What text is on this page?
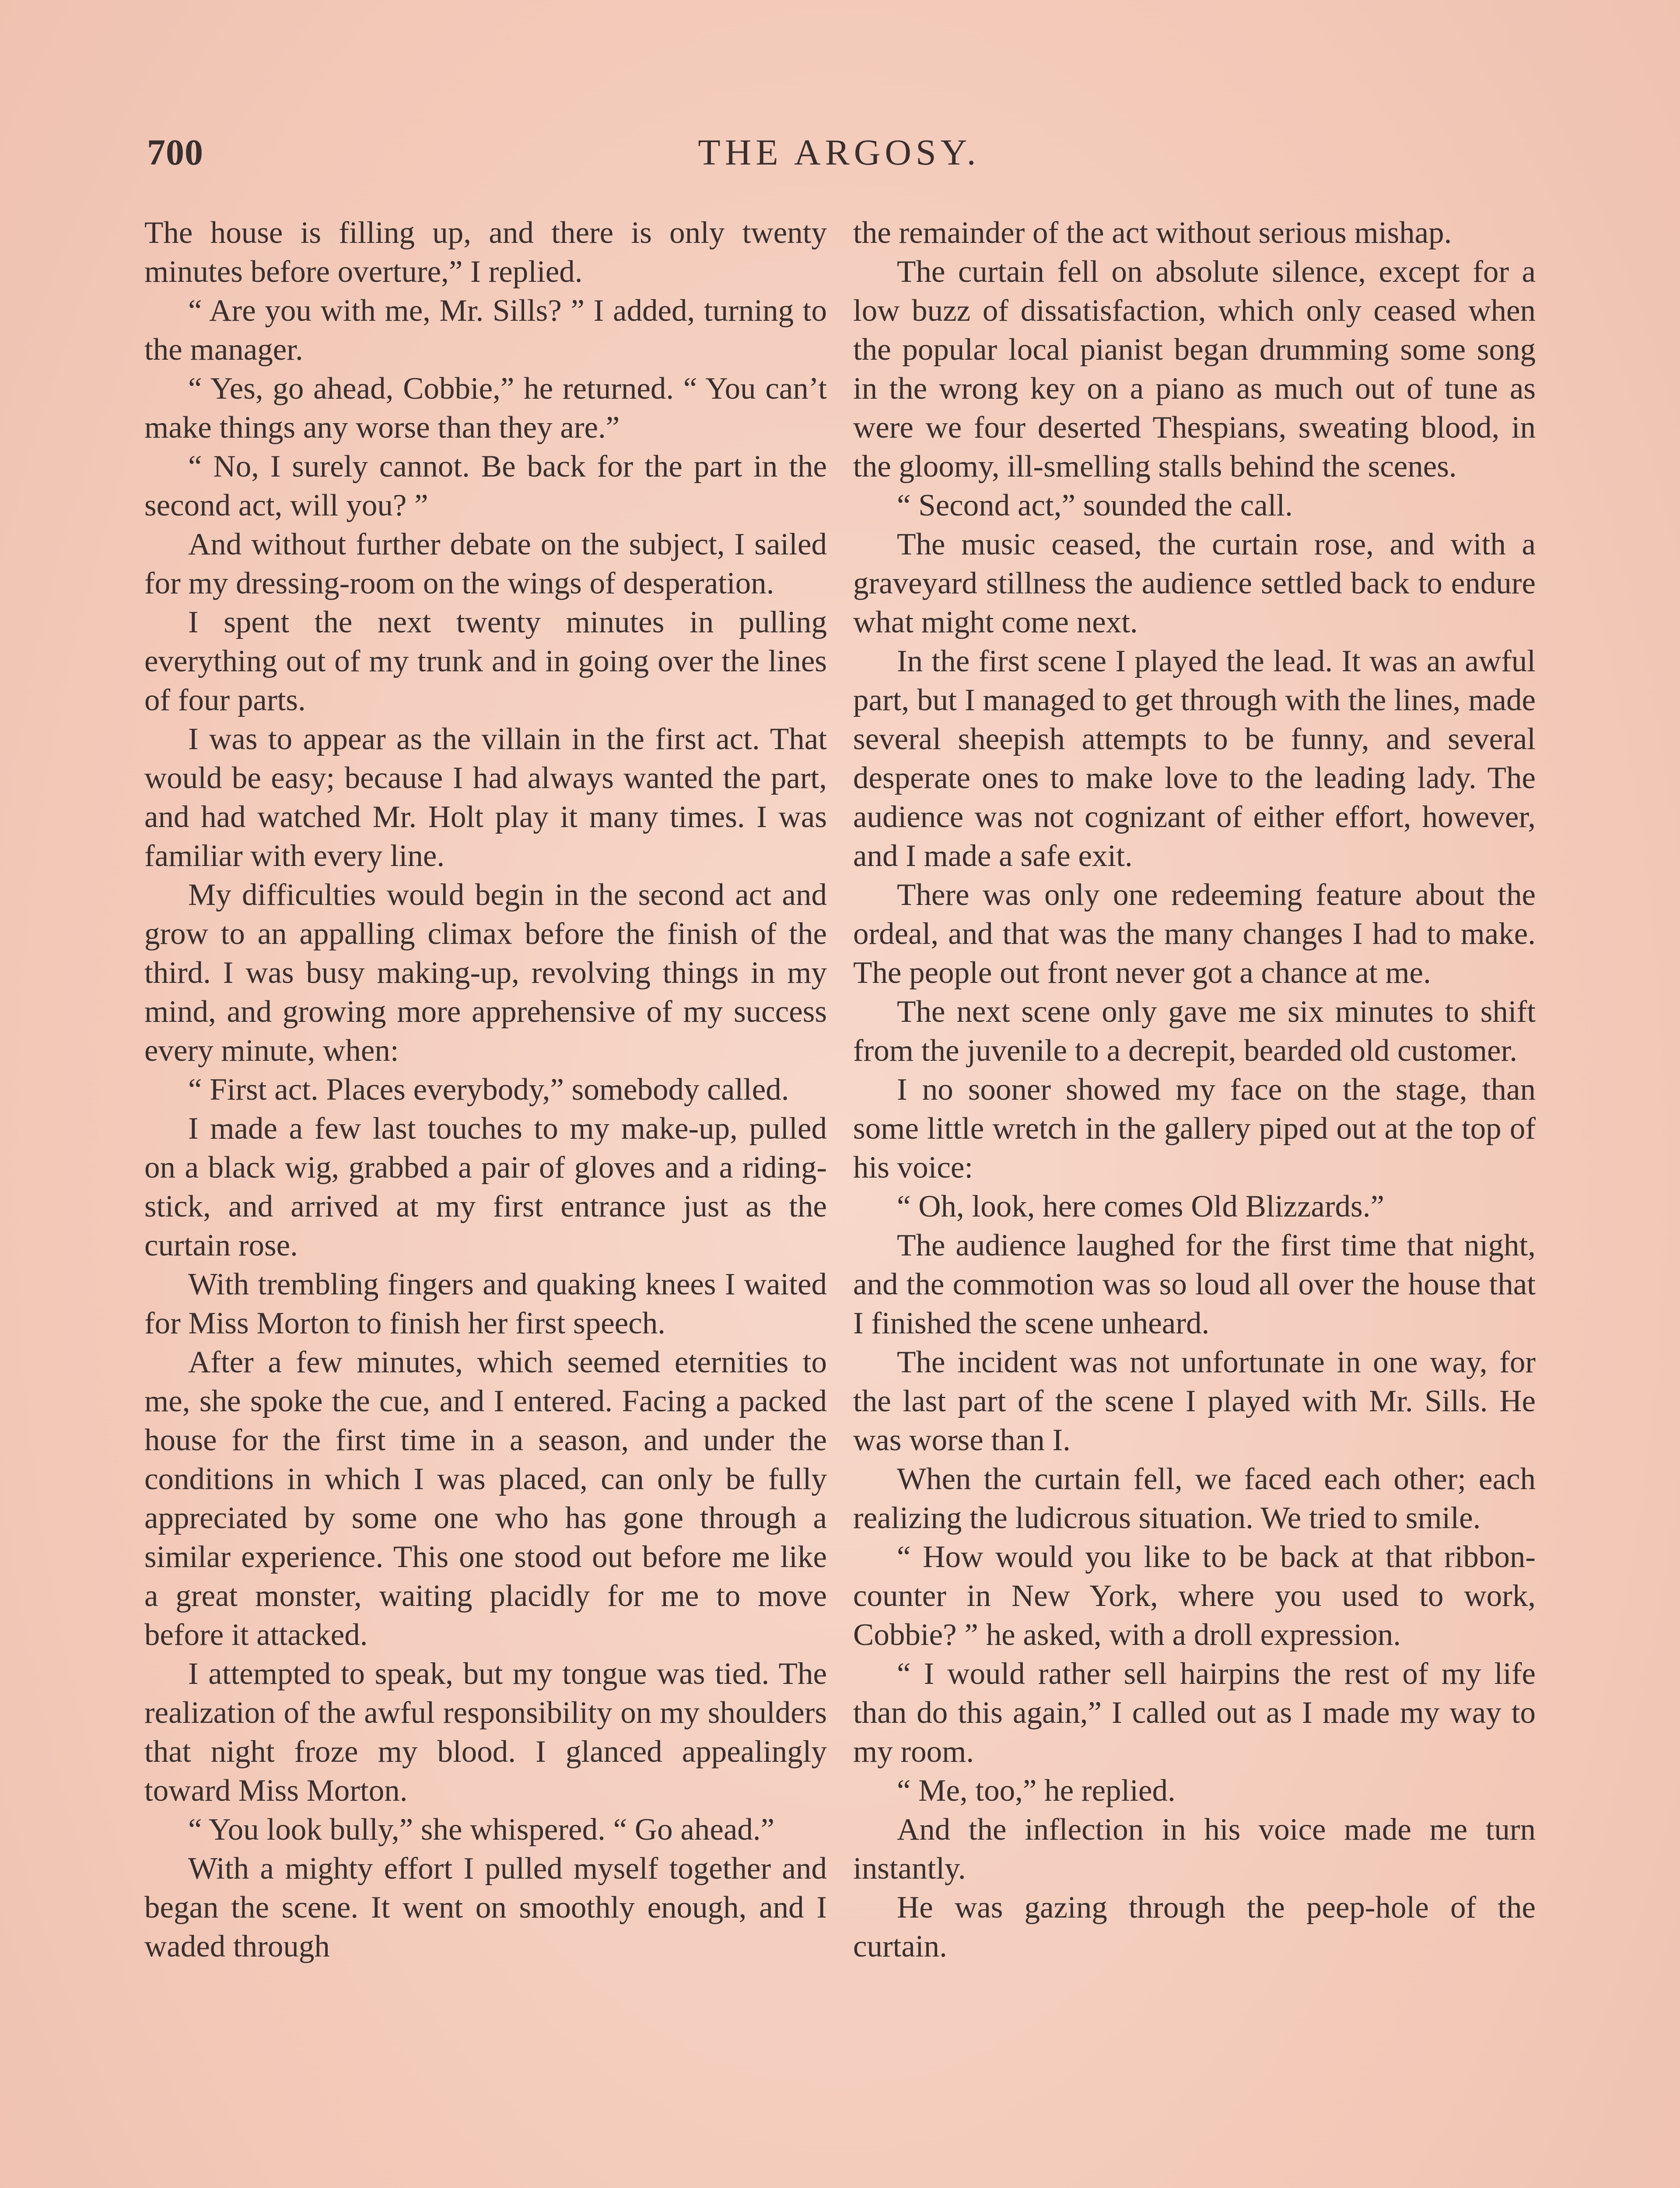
700	THE ARGOSY.

The house is filling up, and there is only twenty minutes before overture,” I replied.

“ Are you with me, Mr. Sills? ” I added, turning to the manager.

“ Yes, go ahead, Cobbie,” he returned. “ You can’t make things any worse than they are.”

“ No, I surely cannot. Be back for the part in the second act, will you? ”

And without further debate on the subject, I sailed for my dressing-room on the wings of desperation.

I spent the next twenty minutes in pulling everything out of my trunk and in going over the lines of four parts.

I was to appear as the villain in the first act. That would be easy; because I had always wanted the part, and had watched Mr. Holt play it many times. I was familiar with every line.

My difficulties would begin in the second act and grow to an appalling climax before the finish of the third. I was busy making-up, revolving things in my mind, and growing more apprehensive of my success every minute, when:

“ First act. Places everybody,” somebody called.

I made a few last touches to my make-up, pulled on a black wig, grabbed a pair of gloves and a riding-stick, and arrived at my first entrance just as the curtain rose.

With trembling fingers and quaking knees I waited for Miss Morton to finish her first speech.

After a few minutes, which seemed eternities to me, she spoke the cue, and I entered. Facing a packed house for the first time in a season, and under the conditions in which I was placed, can only be fully appreciated by some one who has gone through a similar experience. This one stood out before me like a great monster, waiting placidly for me to move before it attacked.

I attempted to speak, but my tongue was tied. The realization of the awful responsibility on my shoulders that night froze my blood. I glanced appealingly toward Miss Morton.

“ You look bully,” she whispered. “ Go ahead.”

With a mighty effort I pulled myself together and began the scene. It went on smoothly enough, and I waded through

the remainder of the act without serious mishap.

The curtain fell on absolute silence, except for a low buzz of dissatisfaction, which only ceased when the popular local pianist began drumming some song in the wrong key on a piano as much out of tune as were we four deserted Thespians, sweating blood, in the gloomy, ill-smelling stalls behind the scenes.

“ Second act,” sounded the call.

The music ceased, the curtain rose, and with a graveyard stillness the audience settled back to endure what might come next.

In the first scene I played the lead. It was an awful part, but I managed to get through with the lines, made several sheepish attempts to be funny, and several desperate ones to make love to the leading lady. The audience was not cognizant of either effort, however, and I made a safe exit.

There was only one redeeming feature about the ordeal, and that was the many changes I had to make. The people out front never got a chance at me.

The next scene only gave me six minutes to shift from the juvenile to a decrepit, bearded old customer.

I no sooner showed my face on the stage, than some little wretch in the gallery piped out at the top of his voice:

“ Oh, look, here comes Old Blizzards.”

The audience laughed for the first time that night, and the commotion was so loud all over the house that I finished the scene unheard.

The incident was not unfortunate in one way, for the last part of the scene I played with Mr. Sills. He was worse than I.

When the curtain fell, we faced each other; each realizing the ludicrous situation. We tried to smile.

“ How would you like to be back at that ribbon-counter in New York, where you used to work, Cobbie? ” he asked, with a droll expression.

“ I would rather sell hairpins the rest of my life than do this again,” I called out as I made my way to my room.

“ Me, too,” he replied.

And the inflection in his voice made me turn instantly.

He was gazing through the peep-hole of the curtain.
